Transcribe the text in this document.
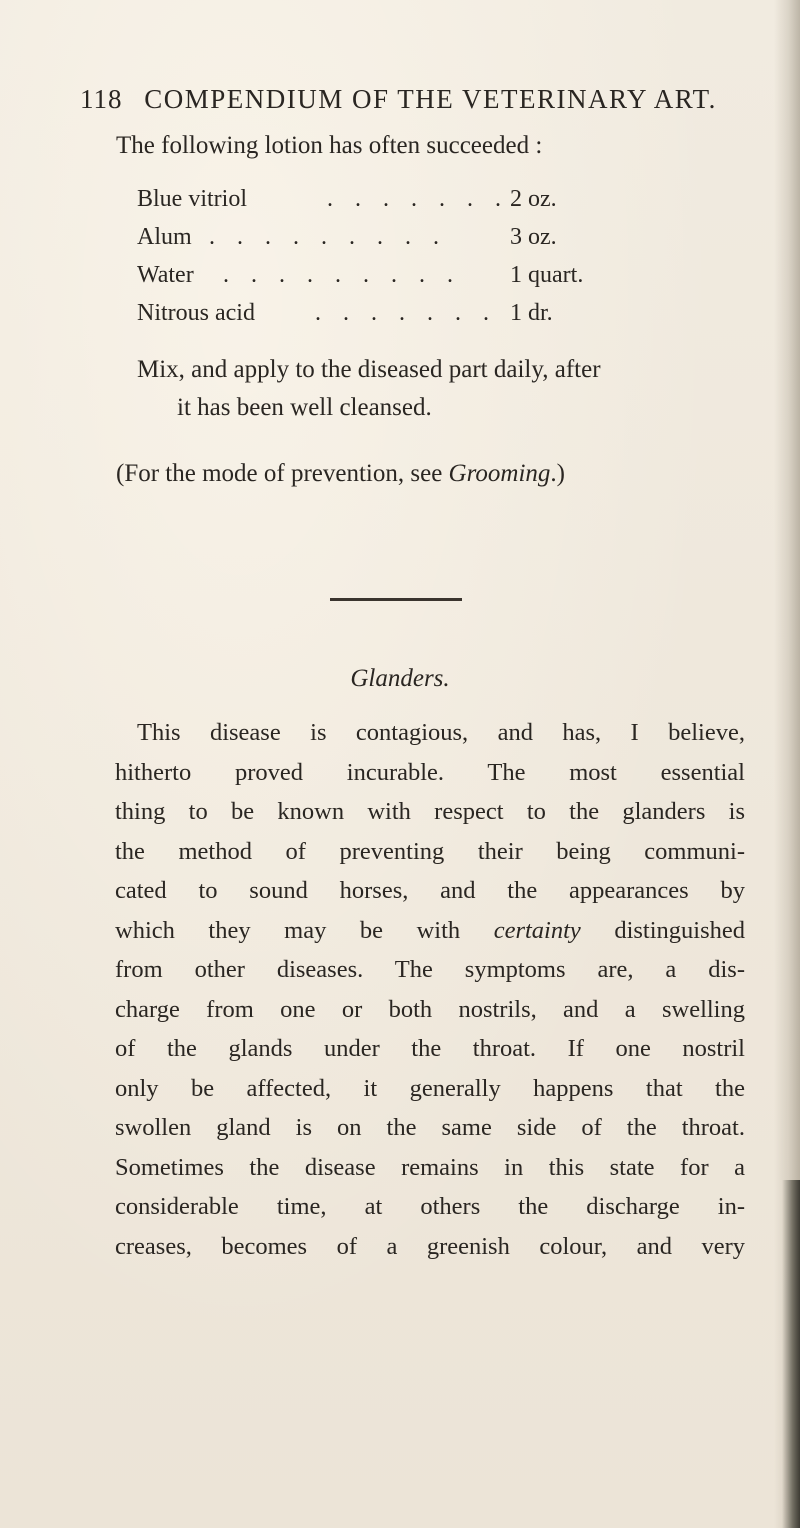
118 COMPENDIUM OF THE VETERINARY ART.
The following lotion has often succeeded :
Blue vitriol	. . . . . . . 2 oz.
Alum . . . . . . . . .	3 oz.
Water . . . . . . . . . 1 quart.
Nitrous acid	. . . . . . . 1 dr.
Mix, and apply to the diseased part daily, after
it has been well cleansed.
(For the mode of prevention, see Grooming.)
Glanders.
This disease is contagious, and has, I believe,
hitherto proved incurable. The most essential
thing to be known with respect to the glanders is
the method of preventing their being communi-
cated to sound horses, and the appearances by
which they may be with certainty distinguished
from other diseases. The symptoms are, a dis-
charge from one or both nostrils, and a swelling
of the glands under the throat. If one nostril
only be affected, it generally happens that the
swollen gland is on the same side of the throat.
Sometimes the disease remains in this state for a
considerable time, at others the discharge in-
creases, becomes of a greenish colour, and very
